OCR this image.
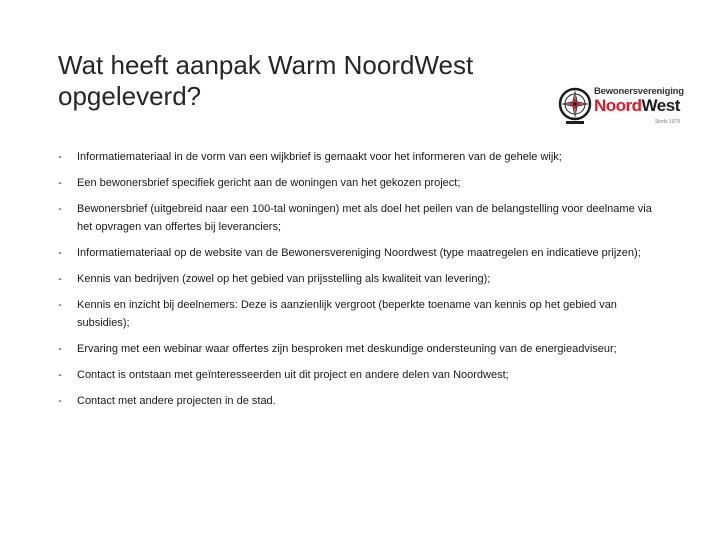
Wat heeft aanpak Warm NoordWest opgeleverd?	Bewonersvereniging
NoordWest
Sinds 1979
- Informatiemateriaal in de vorm van een wijkbrief is gemaakt voor het informeren van de gehele wijk;
- Een bewonersbrief specifiek gericht aan de woningen van het gekozen project;
- Bewonersbrief (uitgebreid naar een 100-tal woningen) met als doel het peilen van de belangstelling voor deelname via het opvragen van offertes bij leveranciers;
- Informatiemateriaal op de website van de Bewonersvereniging Noordwest (type maatregelen en indicatieve prijzen);
- Kennis van bedrijven (zowel op het gebied van prijsstelling als kwaliteit van levering);
- Kennis en inzicht bij deelnemers: Deze is aanzienlijk vergroot (beperkte toename van kennis op het gebied van subsidies);
- Ervaring met een webinar waar offertes zijn besproken met deskundige ondersteuning van de energieadviseur;
- Contact is ontstaan met geïnteresseerden uit dit project en andere delen van Noordwest;
- Contact met andere projecten in de stad.
